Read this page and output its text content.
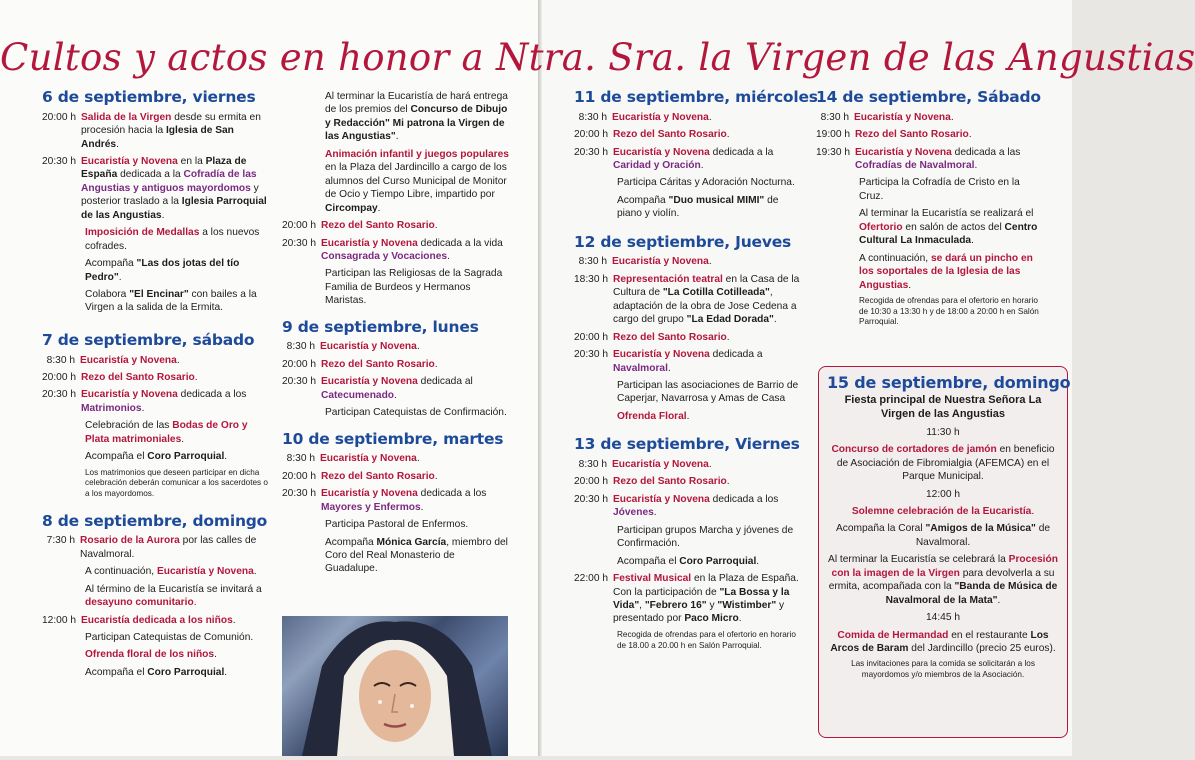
Cultos y actos en honor a Ntra. Sra. la Virgen de las Angustias
6 de septiembre, viernes
20:00 h Salida de la Virgen desde su ermita en procesión hacia la Iglesia de San Andrés.
20:30 h Eucaristía y Novena en la Plaza de España dedicada a la Cofradía de las Angustias y antiguos mayordomos y posterior traslado a la Iglesia Parroquial de las Angustias.
Imposición de Medallas a los nuevos cofrades.
Acompaña "Las dos jotas del tío Pedro".
Colabora "El Encinar" con bailes a la Virgen a la salida de la Ermita.
7 de septiembre, sábado
8:30 h Eucaristía y Novena.
20:00 h Rezo del Santo Rosario.
20:30 h Eucaristía y Novena dedicada a los Matrimonios.
Celebración de las Bodas de Oro y Plata matrimoniales.
Acompaña el Coro Parroquial.
Los matrimonios que deseen participar en dicha celebración deberán comunicar a los sacerdotes o a los mayordomos.
8 de septiembre, domingo
7:30 h Rosario de la Aurora por las calles de Navalmoral.
A continuación, Eucaristía y Novena.
Al término de la Eucaristía se invitará a desayuno comunitario.
12:00 h Eucaristía dedicada a los niños.
Participan Catequistas de Comunión.
Ofrenda floral de los niños.
Acompaña el Coro Parroquial.
Al terminar la Eucaristía de hará entrega de los premios del Concurso de Dibujo y Redacción" Mi patrona la Virgen de las Angustias".
Animación infantil y juegos populares en la Plaza del Jardincillo a cargo de los alumnos del Curso Municipal de Monitor de Ocio y Tiempo Libre, impartido por Circompay.
20:00 h Rezo del Santo Rosario.
20:30 h Eucaristía y Novena dedicada a la vida Consagrada y Vocaciones.
Participan las Religiosas de la Sagrada Familia de Burdeos y Hermanos Maristas.
9 de septiembre, lunes
8:30 h Eucaristía y Novena.
20:00 h Rezo del Santo Rosario.
20:30 h Eucaristía y Novena dedicada al Catecumenado.
Participan Catequistas de Confirmación.
10 de septiembre, martes
8:30 h Eucaristía y Novena.
20:00 h Rezo del Santo Rosario.
20:30 h Eucaristía y Novena dedicada a los Mayores y Enfermos.
Participa Pastoral de Enfermos.
Acompaña Mónica García, miembro del Coro del Real Monasterio de Guadalupe.
11 de septiembre, miércoles
8:30 h Eucaristía y Novena.
20:00 h Rezo del Santo Rosario.
20:30 h Eucaristía y Novena dedicada a la Caridad y Oración.
Participa Cáritas y Adoración Nocturna.
Acompaña "Duo musical MIMI" de piano y violín.
12 de septiembre, Jueves
8:30 h Eucaristía y Novena.
18:30 h Representación teatral en la Casa de la Cultura de "La Cotilla Cotilleada", adaptación de la obra de Jose Cedena a cargo del grupo "La Edad Dorada".
20:00 h Rezo del Santo Rosario.
20:30 h Eucaristía y Novena dedicada a Navalmoral.
Participan las asociaciones de Barrio de Caperjar, Navarrosa y Amas de Casa
Ofrenda Floral.
13 de septiembre, Viernes
8:30 h Eucaristía y Novena.
20:00 h Rezo del Santo Rosario.
20:30 h Eucaristía y Novena dedicada a los Jóvenes.
Participan grupos Marcha y jóvenes de Confirmación.
Acompaña el Coro Parroquial.
22:00 h Festival Musical en la Plaza de España. Con la participación de "La Bossa y la Vida", "Febrero 16" y "Wistimber" y presentado por Paco Micro.
Recogida de ofrendas para el ofertorio en horario de 18.00 a 20.00 h en Salón Parroquial.
14 de septiembre, Sábado
8:30 h Eucaristía y Novena.
19:00 h Rezo del Santo Rosario.
19:30 h Eucaristía y Novena dedicada a las Cofradías de Navalmoral.
Participa la Cofradía de Cristo en la Cruz.
Al terminar la Eucaristía se realizará el Ofertorio en salón de actos del Centro Cultural La Inmaculada.
A continuación, se dará un pincho en los soportales de la Iglesia de las Angustias.
Recogida de ofrendas para el ofertorio en horario de 10:30 a 13:30 h y de 18:00 a 20:00 h en Salón Parroquial.
15 de septiembre, domingo

Fiesta principal de Nuestra Señora La Virgen de las Angustias

11:30 h

Concurso de cortadores de jamón en beneficio de Asociación de Fibromialgia (AFEMCA) en el Parque Municipal.

12:00 h

Solemne celebración de la Eucaristía.

Acompaña la Coral "Amigos de la Música" de Navalmoral.

Al terminar la Eucaristía se celebrará la Procesión con la imagen de la Virgen para devolverla a su ermita, acompañada con la "Banda de Música de Navalmoral de la Mata".

14:45 h

Comida de Hermandad en el restaurante Los Arcos de Baram del Jardincillo (precio 25 euros).

Las invitaciones para la comida se solicitarán a los mayordomos y/o miembros de la Asociación.
